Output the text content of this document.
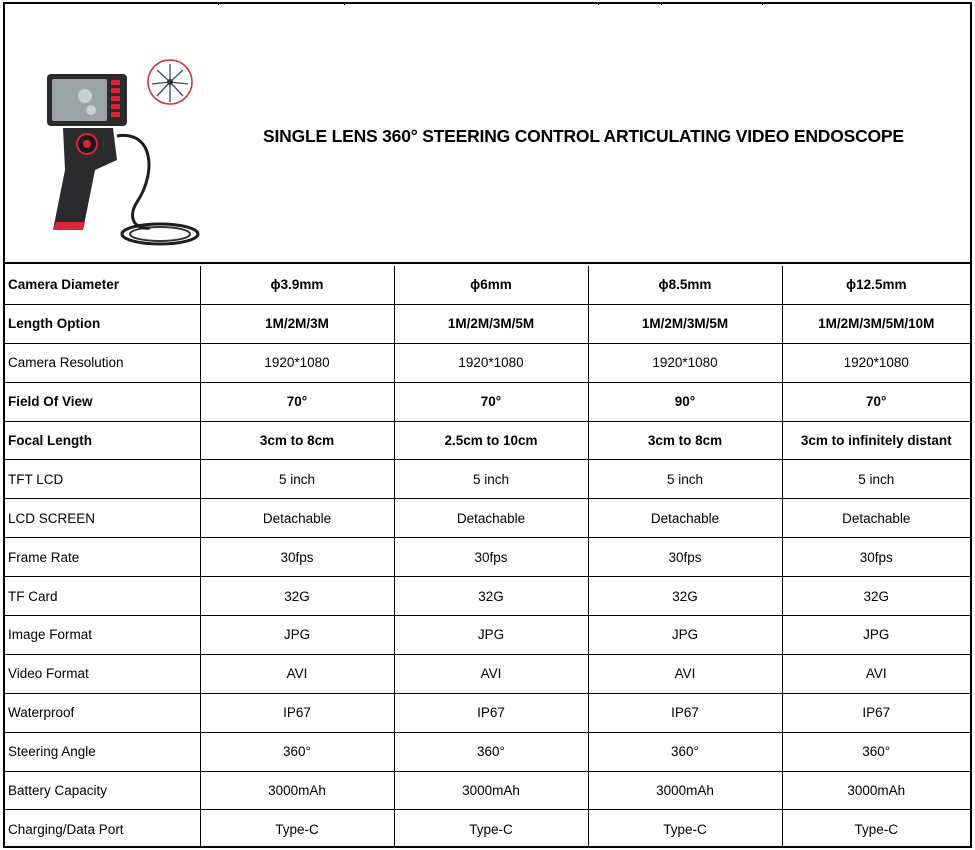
SINGLE LENS 360° STEERING CONTROL ARTICULATING VIDEO ENDOSCOPE
Camera Diameter	ϕ3.9mm	ϕ6mm	ϕ8.5mm	ϕ12.5mm
Length Option	1M/2M/3M	1M/2M/3M/5M	1M/2M/3M/5M	1M/2M/3M/5M/10M
Camera Resolution	1920*1080	1920*1080	1920*1080	1920*1080
Field Of View	70°	70°	90°	70°
Focal Length	3cm to 8cm	2.5cm to 10cm	3cm to 8cm	3cm to infinitely distant
TFT LCD	5 inch	5 inch	5 inch	5 inch
LCD SCREEN	Detachable	Detachable	Detachable	Detachable
Frame Rate	30fps	30fps	30fps	30fps
TF Card	32G	32G	32G	32G
Image Format	JPG	JPG	JPG	JPG
Video Format	AVI	AVI	AVI	AVI
Waterproof	IP67	IP67	IP67	IP67
Steering Angle	360°	360°	360°	360°
Battery Capacity	3000mAh	3000mAh	3000mAh	3000mAh
Charging/Data Port	Type-C	Type-C	Type-C	Type-C
